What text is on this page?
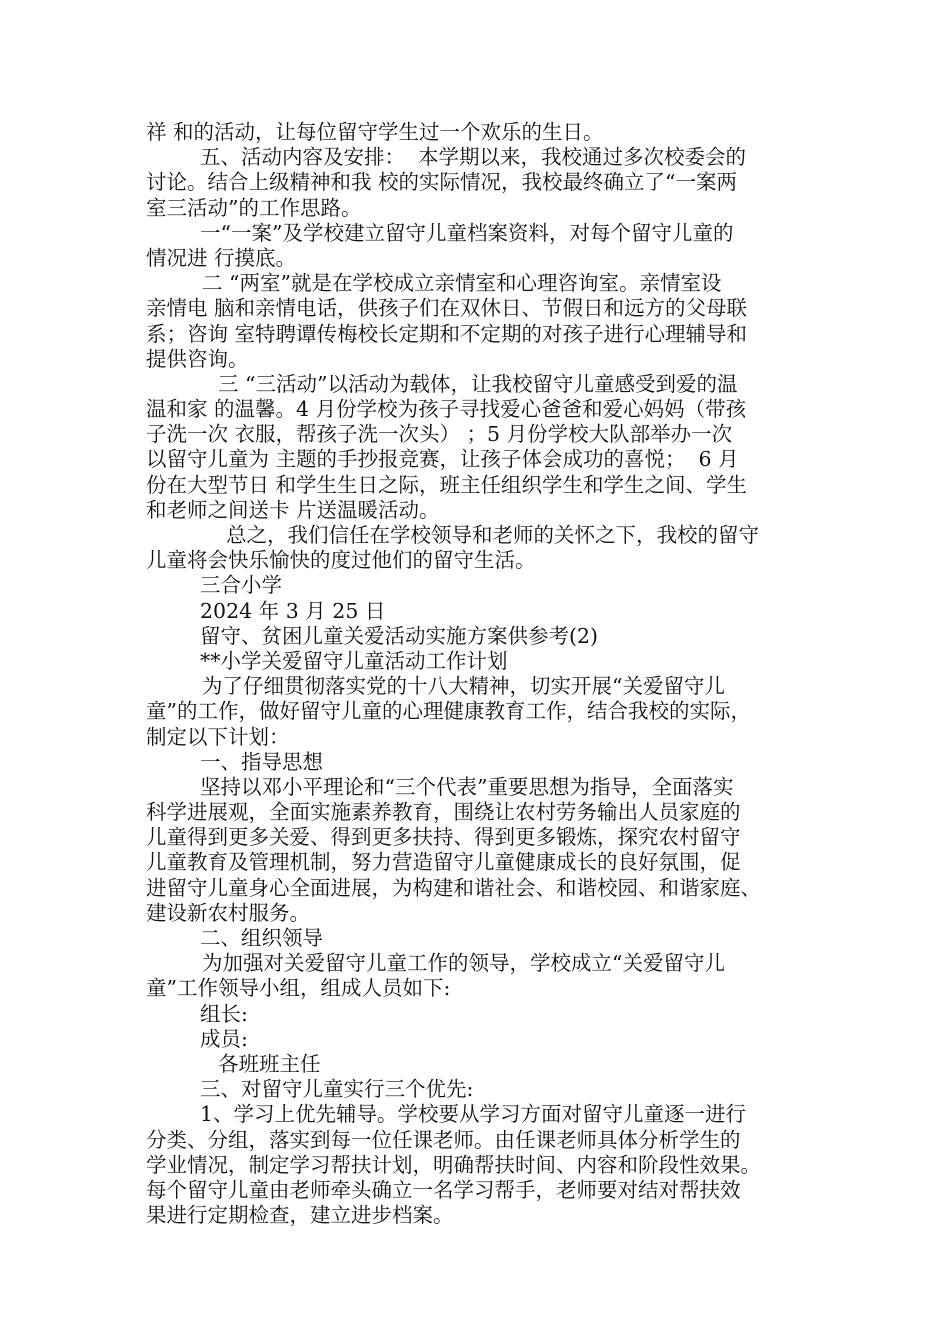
祥 和的活动，让每位留守学生过一个欢乐的生日。
五、活动内容及安排：  本学期以来，我校通过多次校委会的
讨论。结合上级精神和我 校的实际情况，我校最终确立了“一案两
室三活动”的工作思路。
一“一案”及学校建立留守儿童档案资料，对每个留守儿童的
情况进 行摸底。
二 “两室”就是在学校成立亲情室和心理咨询室。亲情室设
亲情电 脑和亲情电话，供孩子们在双休日、节假日和远方的父母联
系；咨询 室特聘谭传梅校长定期和不定期的对孩子进行心理辅导和
提供咨询。
三 “三活动”以活动为载体，让我校留守儿童感受到爱的温
温和家 的温馨。4 月份学校为孩子寻找爱心爸爸和爱心妈妈（带孩
子洗一次 衣服，帮孩子洗一次头） ；5 月份学校大队部举办一次
以留守儿童为 主题的手抄报竞赛，让孩子体会成功的喜悦；  6 月
份在大型节日 和学生生日之际，班主任组织学生和学生之间、学生
和老师之间送卡 片送温暖活动。
总之，我们信任在学校领导和老师的关怀之下，我校的留守
儿童将会快乐愉快的度过他们的留守生活。
三合小学
2024 年 3 月 25 日
留守、贫困儿童关爱活动实施方案供参考(2)
**小学关爱留守儿童活动工作计划
为了仔细贯彻落实党的十八大精神，切实开展“关爱留守儿
童”的工作，做好留守儿童的心理健康教育工作，结合我校的实际，
制定以下计划：
一、指导思想
坚持以邓小平理论和“三个代表”重要思想为指导，全面落实
科学进展观，全面实施素养教育，围绕让农村劳务输出人员家庭的
儿童得到更多关爱、得到更多扶持、得到更多锻炼，探究农村留守
儿童教育及管理机制，努力营造留守儿童健康成长的良好氛围，促
进留守儿童身心全面进展，为构建和谐社会、和谐校园、和谐家庭、
建设新农村服务。
二、组织领导
为加强对关爱留守儿童工作的领导，学校成立“关爱留守儿
童”工作领导小组，组成人员如下:
组长:
成员:
各班班主任
三、对留守儿童实行三个优先:
1、学习上优先辅导。学校要从学习方面对留守儿童逐一进行
分类、分组，落实到每一位任课老师。由任课老师具体分析学生的
学业情况，制定学习帮扶计划，明确帮扶时间、内容和阶段性效果。
每个留守儿童由老师牵头确立一名学习帮手，老师要对结对帮扶效
果进行定期检查，建立进步档案。
